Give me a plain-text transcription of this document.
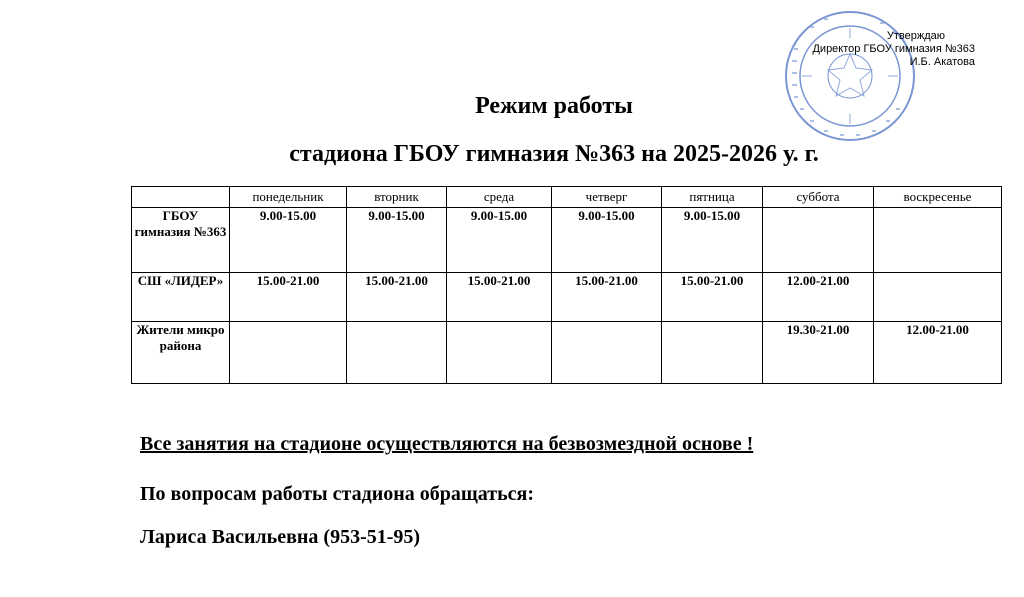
Утверждаю
Директор ГБОУ гимназия №363
И.Б. Акатова
Режим работы
стадиона ГБОУ гимназия №363 на 2025-2026 у. г.
	понедельник	вторник	среда	четверг	пятница	суббота	воскресенье
ГБОУ гимназия №363	9.00-15.00	9.00-15.00	9.00-15.00	9.00-15.00	9.00-15.00		
СШ «ЛИДЕР»	15.00-21.00	15.00-21.00	15.00-21.00	15.00-21.00	15.00-21.00	12.00-21.00	
Жители микро района						19.30-21.00	12.00-21.00
Все занятия на стадионе осуществляются на безвозмездной основе !
По вопросам работы стадиона обращаться:
Лариса Васильевна (953-51-95)
